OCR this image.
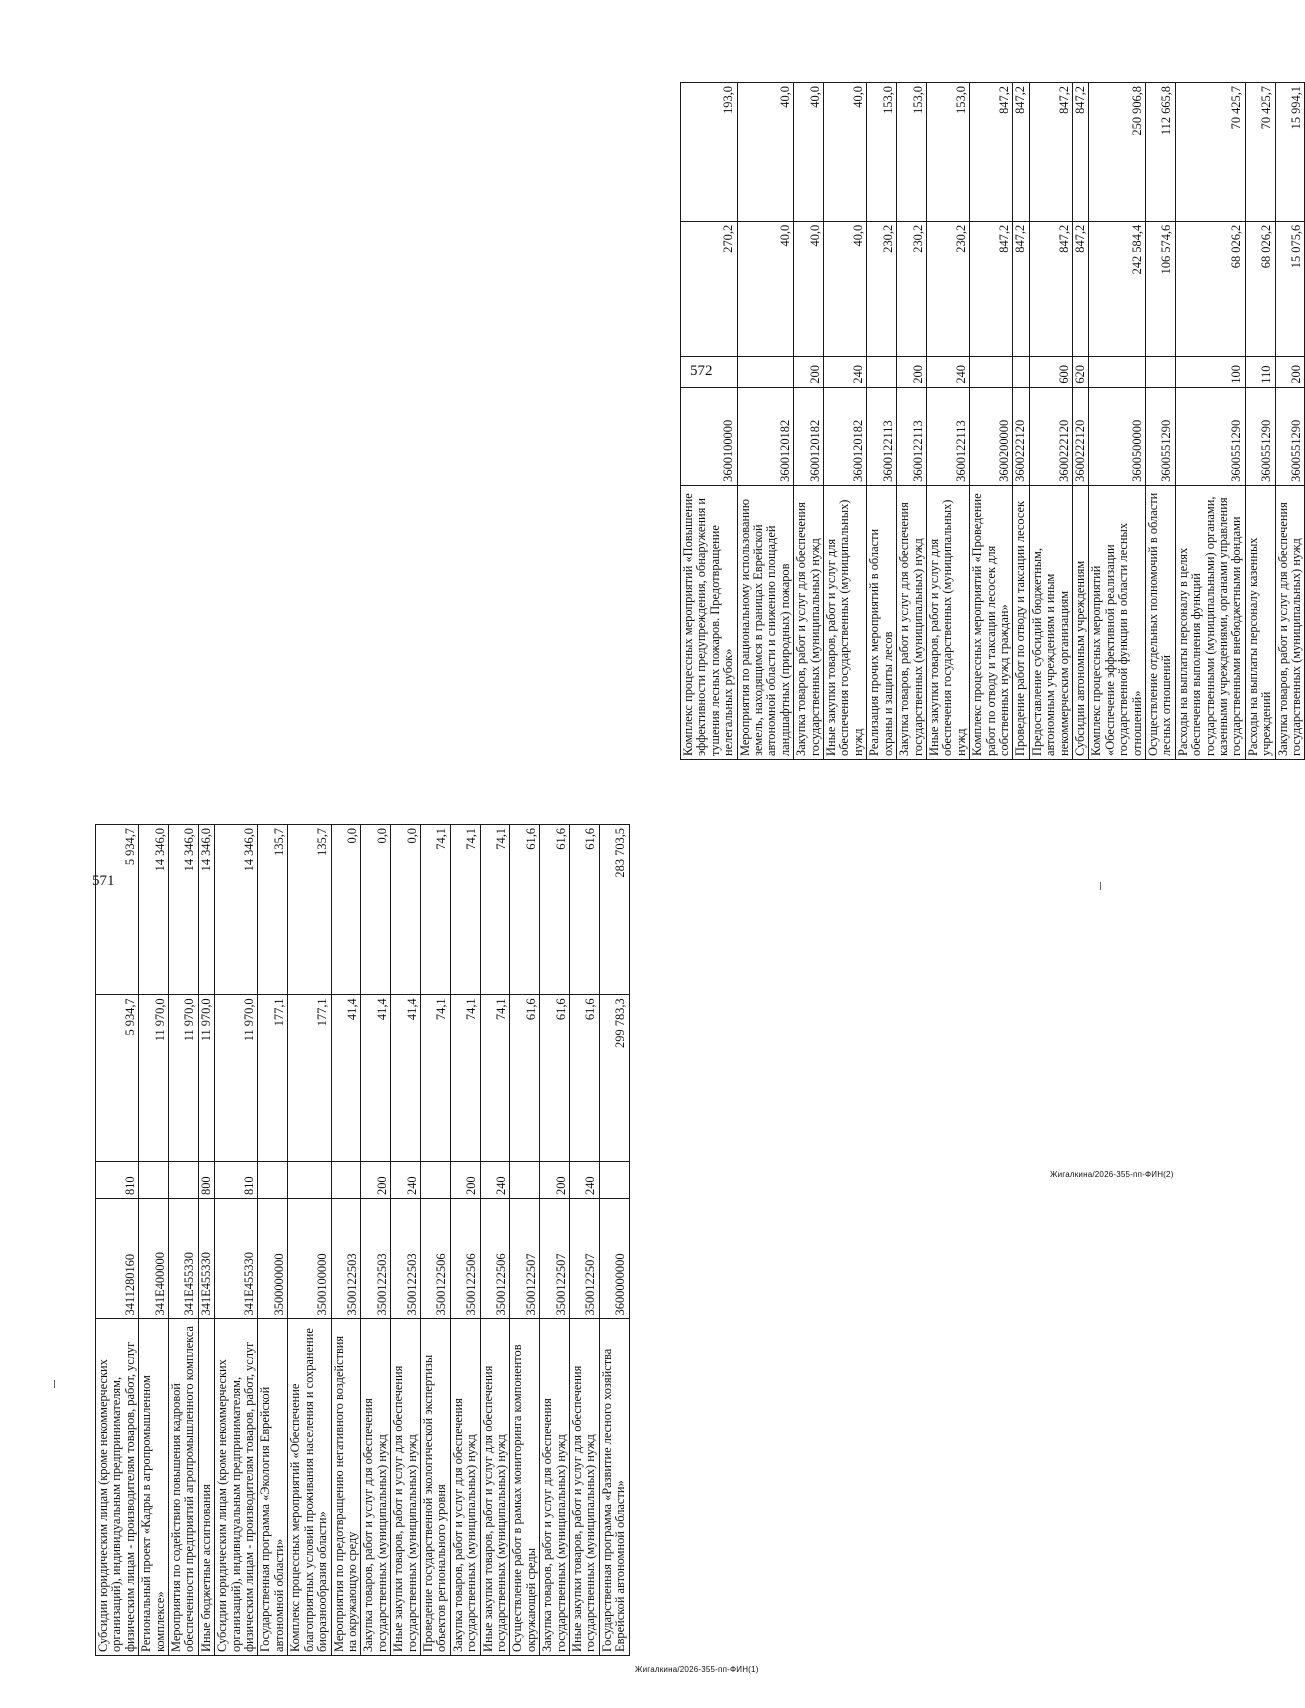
571
Жигалкина/2026-355-пп-ФИН(1)
Субсидии юридическим лицам (кроме некоммерческих организаций), индивидуальным предпринимателям, физическим лицам - производителям товаров, работ, услуг	3411280160	810	5 934,7	5 934,7
Региональный проект «Кадры в агропромышленном комплексе»	341E400000		11 970,0	14 346,0
Мероприятия по содействию повышения кадровой обеспеченности предприятий агропромышленного комплекса	341E455330		11 970,0	14 346,0
Иные бюджетные ассигнования	341E455330	800	11 970,0	14 346,0
Субсидии юридическим лицам (кроме некоммерческих организаций), индивидуальным предпринимателям, физическим лицам - производителям товаров, работ, услуг	341E455330	810	11 970,0	14 346,0
Государственная программа «Экология Еврейской автономной области»	3500000000		177,1	135,7
Комплекс процессных мероприятий «Обеспечение благоприятных условий проживания населения и сохранение биоразнообразия области»	3500100000		177,1	135,7
Мероприятия по предотвращению негативного воздействия на окружающую среду	3500122503		41,4	0,0
Закупка товаров, работ и услуг для обеспечения государственных (муниципальных) нужд	3500122503	200	41,4	0,0
Иные закупки товаров, работ и услуг для обеспечения государственных (муниципальных) нужд	3500122503	240	41,4	0,0
Проведение государственной экологической экспертизы объектов регионального уровня	3500122506		74,1	74,1
Закупка товаров, работ и услуг для обеспечения государственных (муниципальных) нужд	3500122506	200	74,1	74,1
Иные закупки товаров, работ и услуг для обеспечения государственных (муниципальных) нужд	3500122506	240	74,1	74,1
Осуществление работ в рамках мониторинга компонентов окружающей среды	3500122507		61,6	61,6
Закупка товаров, работ и услуг для обеспечения государственных (муниципальных) нужд	3500122507	200	61,6	61,6
Иные закупки товаров, работ и услуг для обеспечения государственных (муниципальных) нужд	3500122507	240	61,6	61,6
Государственная программа «Развитие лесного хозяйства Еврейской автономной области»	3600000000		299 783,3	283 703,5
572
Жигалкина/2026-355-пп-ФИН(2)
Комплекс процессных мероприятий «Повышение эффективности предупреждения, обнаружения и тушения лесных пожаров. Предотвращение нелегальных рубок»	3600100000		270,2	193,0
Мероприятия по рациональному использованию земель, находящимся в границах Еврейской автономной области и снижению площадей ландшафтных (природных) пожаров	3600120182		40,0	40,0
Закупка товаров, работ и услуг для обеспечения государственных (муниципальных) нужд	3600120182	200	40,0	40,0
Иные закупки товаров, работ и услуг для обеспечения государственных (муниципальных) нужд	3600120182	240	40,0	40,0
Реализация прочих мероприятий в области охраны и защиты лесов	3600122113		230,2	153,0
Закупка товаров, работ и услуг для обеспечения государственных (муниципальных) нужд	3600122113	200	230,2	153,0
Иные закупки товаров, работ и услуг для обеспечения государственных (муниципальных) нужд	3600122113	240	230,2	153,0
Комплекс процессных мероприятий «Проведение работ по отводу и таксации лесосек для собственных нужд граждан»	3600200000		847,2	847,2
Проведение работ по отводу и таксации лесосек	3600222120		847,2	847,2
Предоставление субсидий бюджетным, автономным учреждениям и иным некоммерческим организациям	3600222120	600	847,2	847,2
Субсидии автономным учреждениям	3600222120	620	847,2	847,2
Комплекс процессных мероприятий «Обеспечение эффективной реализации государственной функции в области лесных отношений»	3600500000		242 584,4	250 906,8
Осуществление отдельных полномочий в области лесных отношений	3600551290		106 574,6	112 665,8
Расходы на выплаты персоналу в целях обеспечения выполнения функций государственными (муниципальными) органами, казенными учреждениями, органами управления государственными внебюджетными фондами	3600551290	100	68 026,2	70 425,7
Расходы на выплаты персоналу казенных учреждений	3600551290	110	68 026,2	70 425,7
Закупка товаров, работ и услуг для обеспечения государственных (муниципальных) нужд	3600551290	200	15 075,6	15 994,1
